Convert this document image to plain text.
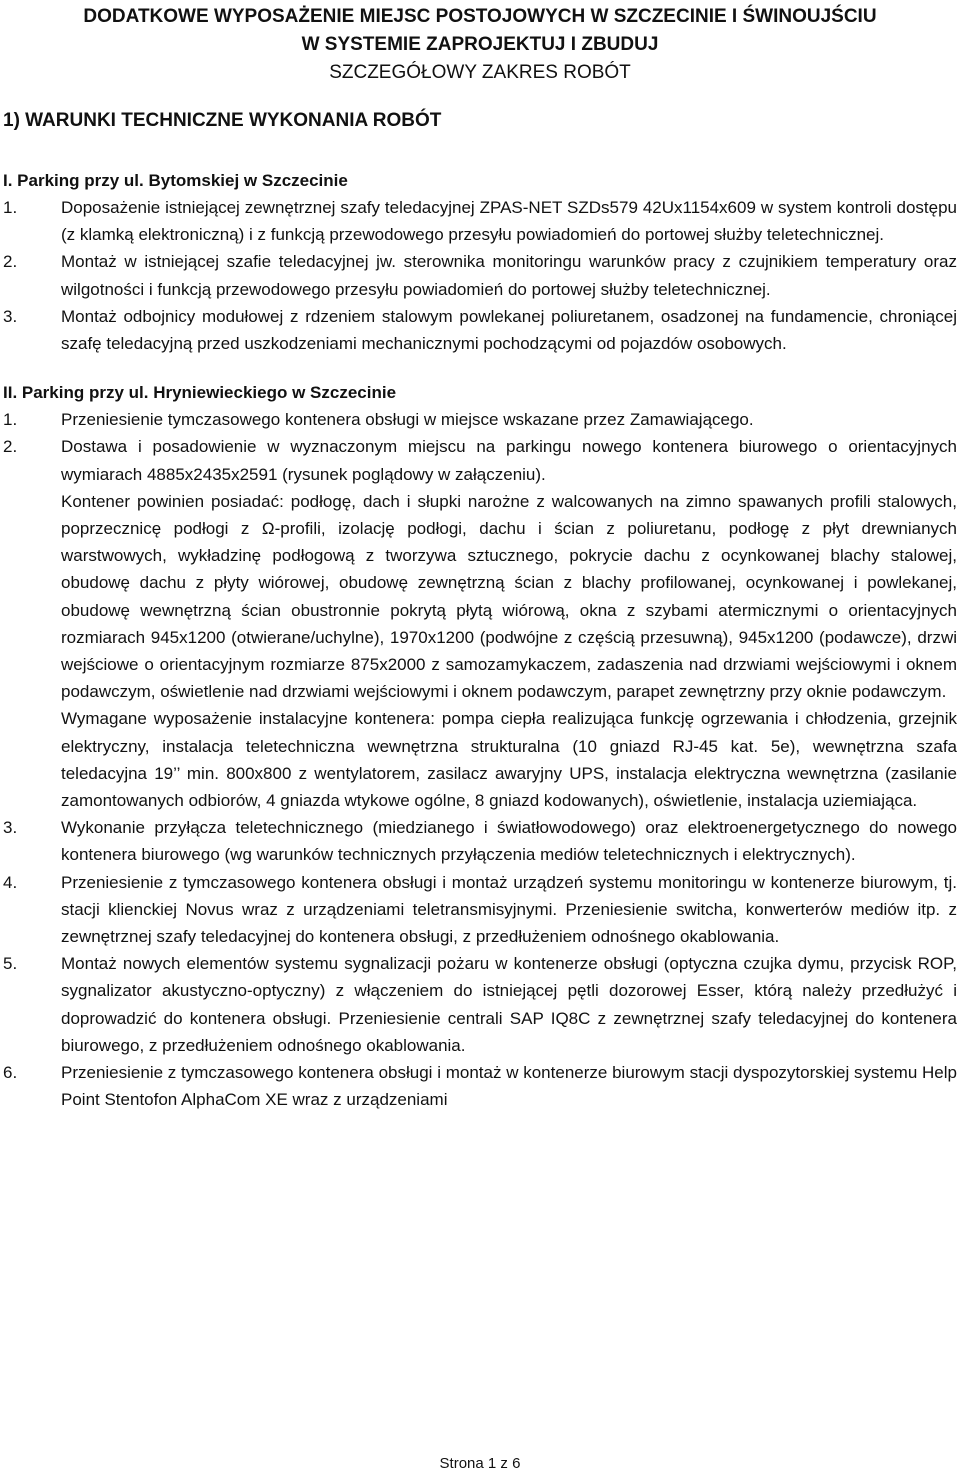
DODATKOWE WYPOSAŻENIE MIEJSC POSTOJOWYCH W SZCZECINIE I ŚWINOUJŚCIU
W SYSTEMIE ZAPROJEKTUJ I ZBUDUJ
SZCZEGÓŁOWY ZAKRES ROBÓT
1) WARUNKI TECHNICZNE WYKONANIA ROBÓT
I. Parking przy ul. Bytomskiej w Szczecinie
1.	Doposażenie istniejącej zewnętrznej szafy teledacyjnej ZPAS-NET SZDs579 42Ux1154x609 w system kontroli dostępu (z klamką elektroniczną) i z funkcją przewodowego przesyłu powiadomień do portowej służby teletechnicznej.

2.	Montaż w istniejącej szafie teledacyjnej jw. sterownika monitoringu warunków pracy z czujnikiem temperatury oraz wilgotności i funkcją przewodowego przesyłu powiadomień do portowej służby teletechnicznej.

3.	Montaż odbojnicy modułowej z rdzeniem stalowym powlekanej poliuretanem, osadzonej na fundamencie, chroniącej szafę teledacyjną przed uszkodzeniami mechanicznymi pochodzącymi od pojazdów osobowych.

II. Parking przy ul. Hryniewieckiego w Szczecinie
1.	Przeniesienie tymczasowego kontenera obsługi w miejsce wskazane przez Zamawiającego.

2.	Dostawa i posadowienie w wyznaczonym miejscu na parkingu nowego kontenera biurowego o orientacyjnych wymiarach 4885x2435x2591 (rysunek poglądowy w załączeniu).

Kontener powinien posiadać: podłogę, dach i słupki narożne z walcowanych na zimno spawanych profili stalowych, poprzecznicę podłogi z Ω-profili, izolację podłogi, dachu i ścian z poliuretanu, podłogę z płyt drewnianych warstwowych, wykładzinę podłogową z tworzywa sztucznego, pokrycie dachu z ocynkowanej blachy stalowej, obudowę dachu z płyty wiórowej, obudowę zewnętrzną ścian z blachy profilowanej, ocynkowanej i powlekanej, obudowę wewnętrzną ścian obustronnie pokrytą płytą wiórową, okna z szybami atermicznymi o orientacyjnych rozmiarach 945x1200 (otwierane/uchylne), 1970x1200 (podwójne z częścią przesuwną), 945x1200 (podawcze), drzwi wejściowe o orientacyjnym rozmiarze 875x2000 z samozamykaczem, zadaszenia nad drzwiami wejściowymi i oknem podawczym, oświetlenie nad drzwiami wejściowymi i oknem podawczym, parapet zewnętrzny przy oknie podawczym.

Wymagane wyposażenie instalacyjne kontenera: pompa ciepła realizująca funkcję ogrzewania i chłodzenia, grzejnik elektryczny, instalacja teletechniczna wewnętrzna strukturalna (10 gniazd RJ-45 kat. 5e), wewnętrzna szafa teledacyjna 19’’ min. 800x800 z wentylatorem, zasilacz awaryjny UPS, instalacja elektryczna wewnętrzna (zasilanie zamontowanych odbiorów, 4 gniazda wtykowe ogólne, 8 gniazd kodowanych), oświetlenie, instalacja uziemiająca.

3.	Wykonanie przyłącza teletechnicznego (miedzianego i światłowodowego) oraz elektroenergetycznego do nowego kontenera biurowego (wg warunków technicznych przyłączenia mediów teletechnicznych i elektrycznych).

4.	Przeniesienie z tymczasowego kontenera obsługi i montaż urządzeń systemu monitoringu w kontenerze biurowym, tj. stacji klienckiej Novus wraz z urządzeniami teletransmisyjnymi. Przeniesienie switcha, konwerterów mediów itp. z zewnętrznej szafy teledacyjnej do kontenera obsługi, z przedłużeniem odnośnego okablowania.

5.	Montaż nowych elementów systemu sygnalizacji pożaru w kontenerze obsługi (optyczna czujka dymu, przycisk ROP, sygnalizator akustyczno-optyczny) z włączeniem do istniejącej pętli dozorowej Esser, którą należy przedłużyć i doprowadzić do kontenera obsługi. Przeniesienie centrali SAP IQ8C z zewnętrznej szafy teledacyjnej do kontenera biurowego, z przedłużeniem odnośnego okablowania.

6.	Przeniesienie z tymczasowego kontenera obsługi i montaż w kontenerze biurowym stacji dyspozytorskiej systemu Help Point Stentofon AlphaCom XE wraz z urządzeniami

Strona 1 z 6
